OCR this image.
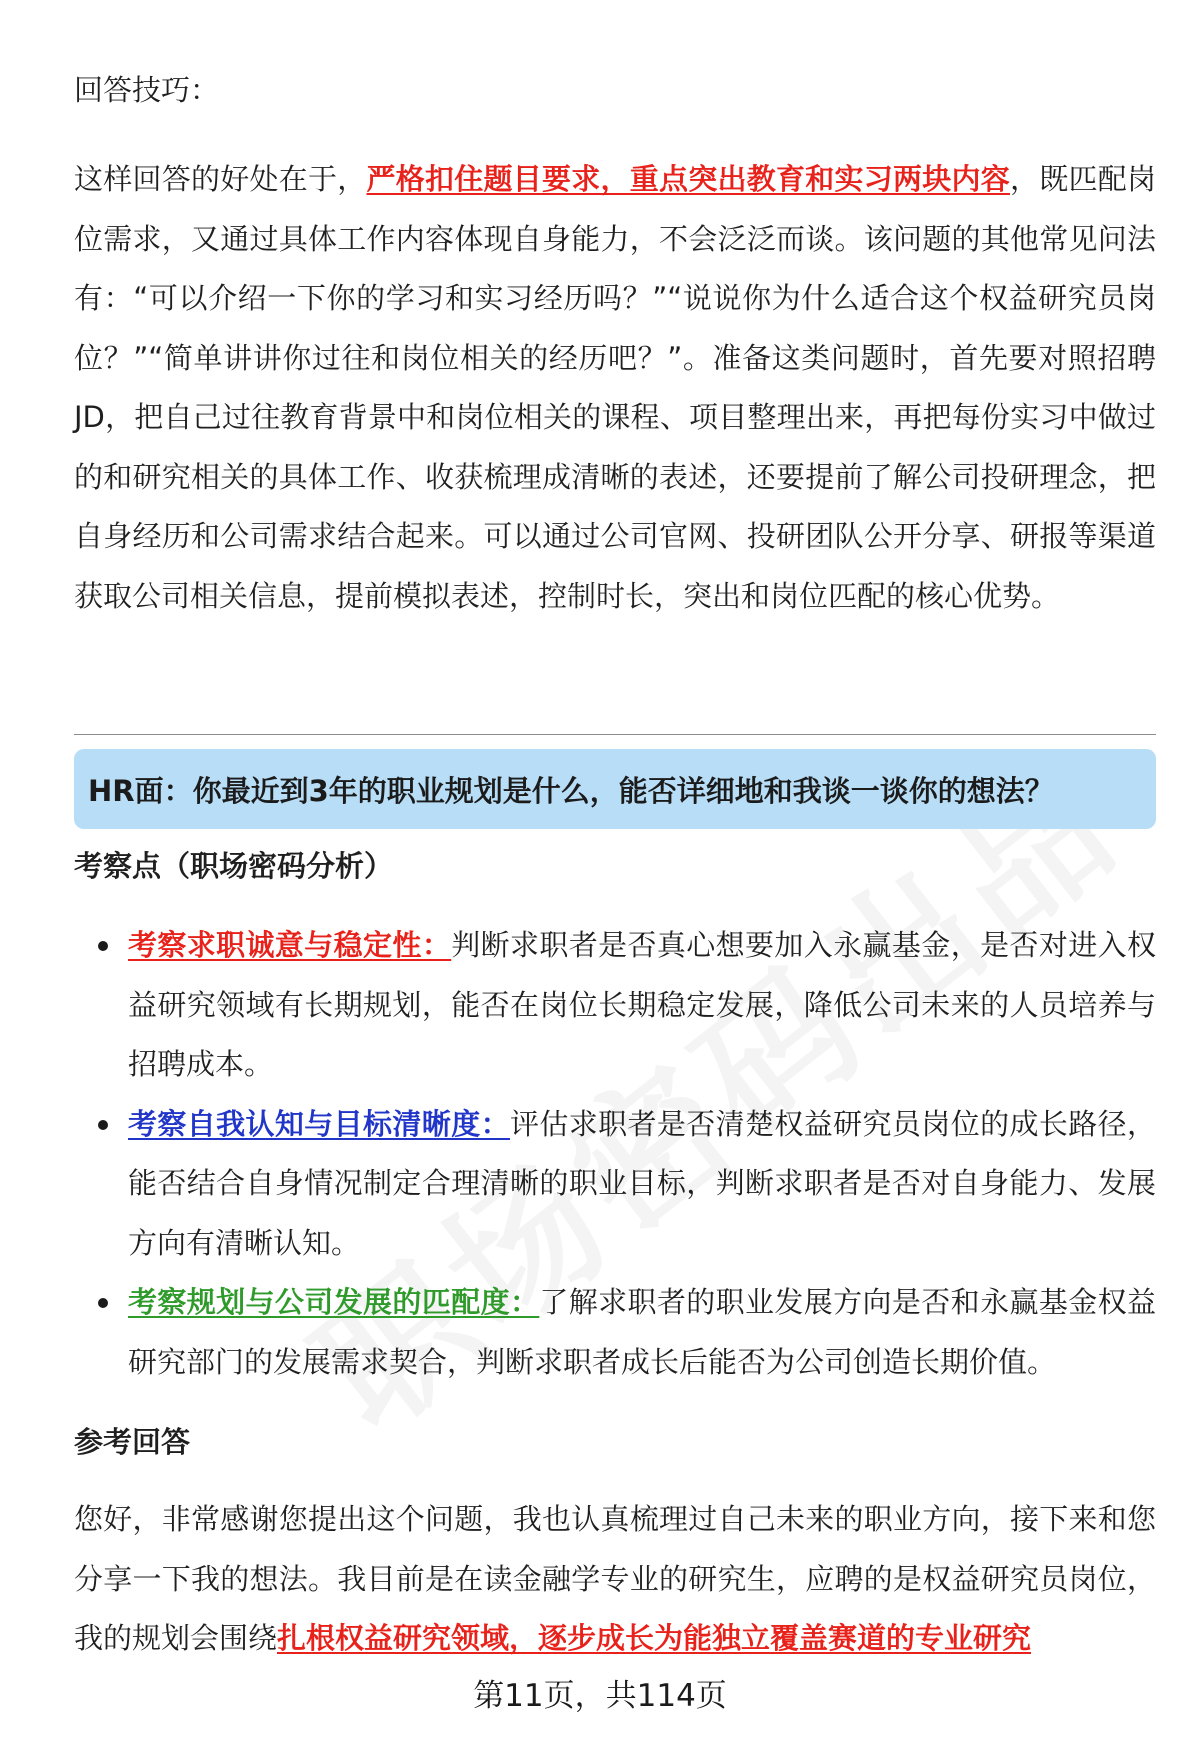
回答技巧：

这样回答的好处在于，严格扣住题目要求，重点突出教育和实习两块内容，既匹配岗位需求，又通过具体工作内容体现自身能力，不会泛泛而谈。该问题的其他常见问法有：“可以介绍一下你的学习和实习经历吗？”“说说你为什么适合这个权益研究员岗位？”“简单讲讲你过往和岗位相关的经历吧？”。准备这类问题时，首先要对照招聘JD，把自己过往教育背景中和岗位相关的课程、项目整理出来，再把每份实习中做过的和研究相关的具体工作、收获梳理成清晰的表述，还要提前了解公司投研理念，把自身经历和公司需求结合起来。可以通过公司官网、投研团队公开分享、研报等渠道获取公司相关信息，提前模拟表述，控制时长，突出和岗位匹配的核心优势。

HR面：你最近到3年的职业规划是什么，能否详细地和我谈一谈你的想法？
考察点（职场密码分析）
考察求职诚意与稳定性：判断求职者是否真心想要加入永赢基金，是否对进入权益研究领域有长期规划，能否在岗位长期稳定发展，降低公司未来的人员培养与招聘成本。
考察自我认知与目标清晰度：评估求职者是否清楚权益研究员岗位的成长路径，能否结合自身情况制定合理清晰的职业目标，判断求职者是否对自身能力、发展方向有清晰认知。
考察规划与公司发展的匹配度：了解求职者的职业发展方向是否和永赢基金权益研究部门的发展需求契合，判断求职者成长后能否为公司创造长期价值。
参考回答

您好，非常感谢您提出这个问题，我也认真梳理过自己未来的职业方向，接下来和您分享一下我的想法。我目前是在读金融学专业的研究生，应聘的是权益研究员岗位，我的规划会围绕扎根权益研究领域，逐步成长为能独立覆盖赛道的专业研究

第11页，共114页
